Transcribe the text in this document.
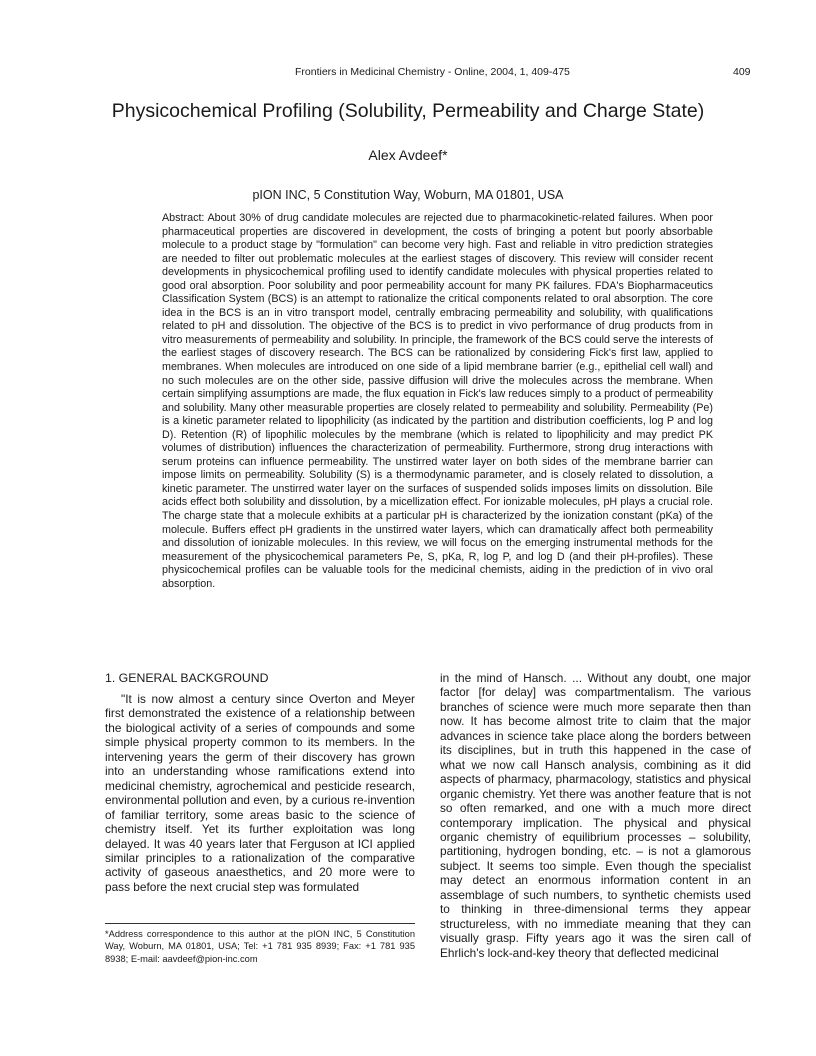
Frontiers in Medicinal Chemistry - Online, 2004, 1, 409-475	409
Physicochemical Profiling (Solubility, Permeability and Charge State)
Alex Avdeef*
pION INC, 5 Constitution Way, Woburn, MA 01801, USA
Abstract: About 30% of drug candidate molecules are rejected due to pharmacokinetic-related failures. When poor pharmaceutical properties are discovered in development, the costs of bringing a potent but poorly absorbable molecule to a product stage by "formulation" can become very high. Fast and reliable in vitro prediction strategies are needed to filter out problematic molecules at the earliest stages of discovery. This review will consider recent developments in physicochemical profiling used to identify candidate molecules with physical properties related to good oral absorption. Poor solubility and poor permeability account for many PK failures. FDA's Biopharmaceutics Classification System (BCS) is an attempt to rationalize the critical components related to oral absorption. The core idea in the BCS is an in vitro transport model, centrally embracing permeability and solubility, with qualifications related to pH and dissolution. The objective of the BCS is to predict in vivo performance of drug products from in vitro measurements of permeability and solubility. In principle, the framework of the BCS could serve the interests of the earliest stages of discovery research. The BCS can be rationalized by considering Fick's first law, applied to membranes. When molecules are introduced on one side of a lipid membrane barrier (e.g., epithelial cell wall) and no such molecules are on the other side, passive diffusion will drive the molecules across the membrane. When certain simplifying assumptions are made, the flux equation in Fick's law reduces simply to a product of permeability and solubility. Many other measurable properties are closely related to permeability and solubility. Permeability (Pe) is a kinetic parameter related to lipophilicity (as indicated by the partition and distribution coefficients, log P and log D). Retention (R) of lipophilic molecules by the membrane (which is related to lipophilicity and may predict PK volumes of distribution) influences the characterization of permeability. Furthermore, strong drug interactions with serum proteins can influence permeability. The unstirred water layer on both sides of the membrane barrier can impose limits on permeability. Solubility (S) is a thermodynamic parameter, and is closely related to dissolution, a kinetic parameter. The unstirred water layer on the surfaces of suspended solids imposes limits on dissolution. Bile acids effect both solubility and dissolution, by a micellization effect. For ionizable molecules, pH plays a crucial role. The charge state that a molecule exhibits at a particular pH is characterized by the ionization constant (pKa) of the molecule. Buffers effect pH gradients in the unstirred water layers, which can dramatically affect both permeability and dissolution of ionizable molecules. In this review, we will focus on the emerging instrumental methods for the measurement of the physicochemical parameters Pe, S, pKa, R, log P, and log D (and their pH-profiles). These physicochemical profiles can be valuable tools for the medicinal chemists, aiding in the prediction of in vivo oral absorption.
1. GENERAL BACKGROUND

"It is now almost a century since Overton and Meyer first demonstrated the existence of a relationship between the biological activity of a series of compounds and some simple physical property common to its members. In the intervening years the germ of their discovery has grown into an understanding whose ramifications extend into medicinal chemistry, agrochemical and pesticide research, environmental pollution and even, by a curious re-invention of familiar territory, some areas basic to the science of chemistry itself. Yet its further exploitation was long delayed. It was 40 years later that Ferguson at ICI applied similar principles to a rationalization of the comparative activity of gaseous anaesthetics, and 20 more were to pass before the next crucial step was formulated

in the mind of Hansch. ... Without any doubt, one major factor [for delay] was compartmentalism. The various branches of science were much more separate then than now. It has become almost trite to claim that the major advances in science take place along the borders between its disciplines, but in truth this happened in the case of what we now call Hansch analysis, combining as it did aspects of pharmacy, pharmacology, statistics and physical organic chemistry. Yet there was another feature that is not so often remarked, and one with a much more direct contemporary implication. The physical and physical organic chemistry of equilibrium processes – solubility, partitioning, hydrogen bonding, etc. – is not a glamorous subject. It seems too simple. Even though the specialist may detect an enormous information content in an assemblage of such numbers, to synthetic chemists used to thinking in three-dimensional terms they appear structureless, with no immediate meaning that they can visually grasp. Fifty years ago it was the siren call of Ehrlich's lock-and-key theory that deflected medicinal

*Address correspondence to this author at the pION INC, 5 Constitution Way, Woburn, MA 01801, USA; Tel: +1 781 935 8939; Fax: +1 781 935 8938; E-mail: aavdeef@pion-inc.com
